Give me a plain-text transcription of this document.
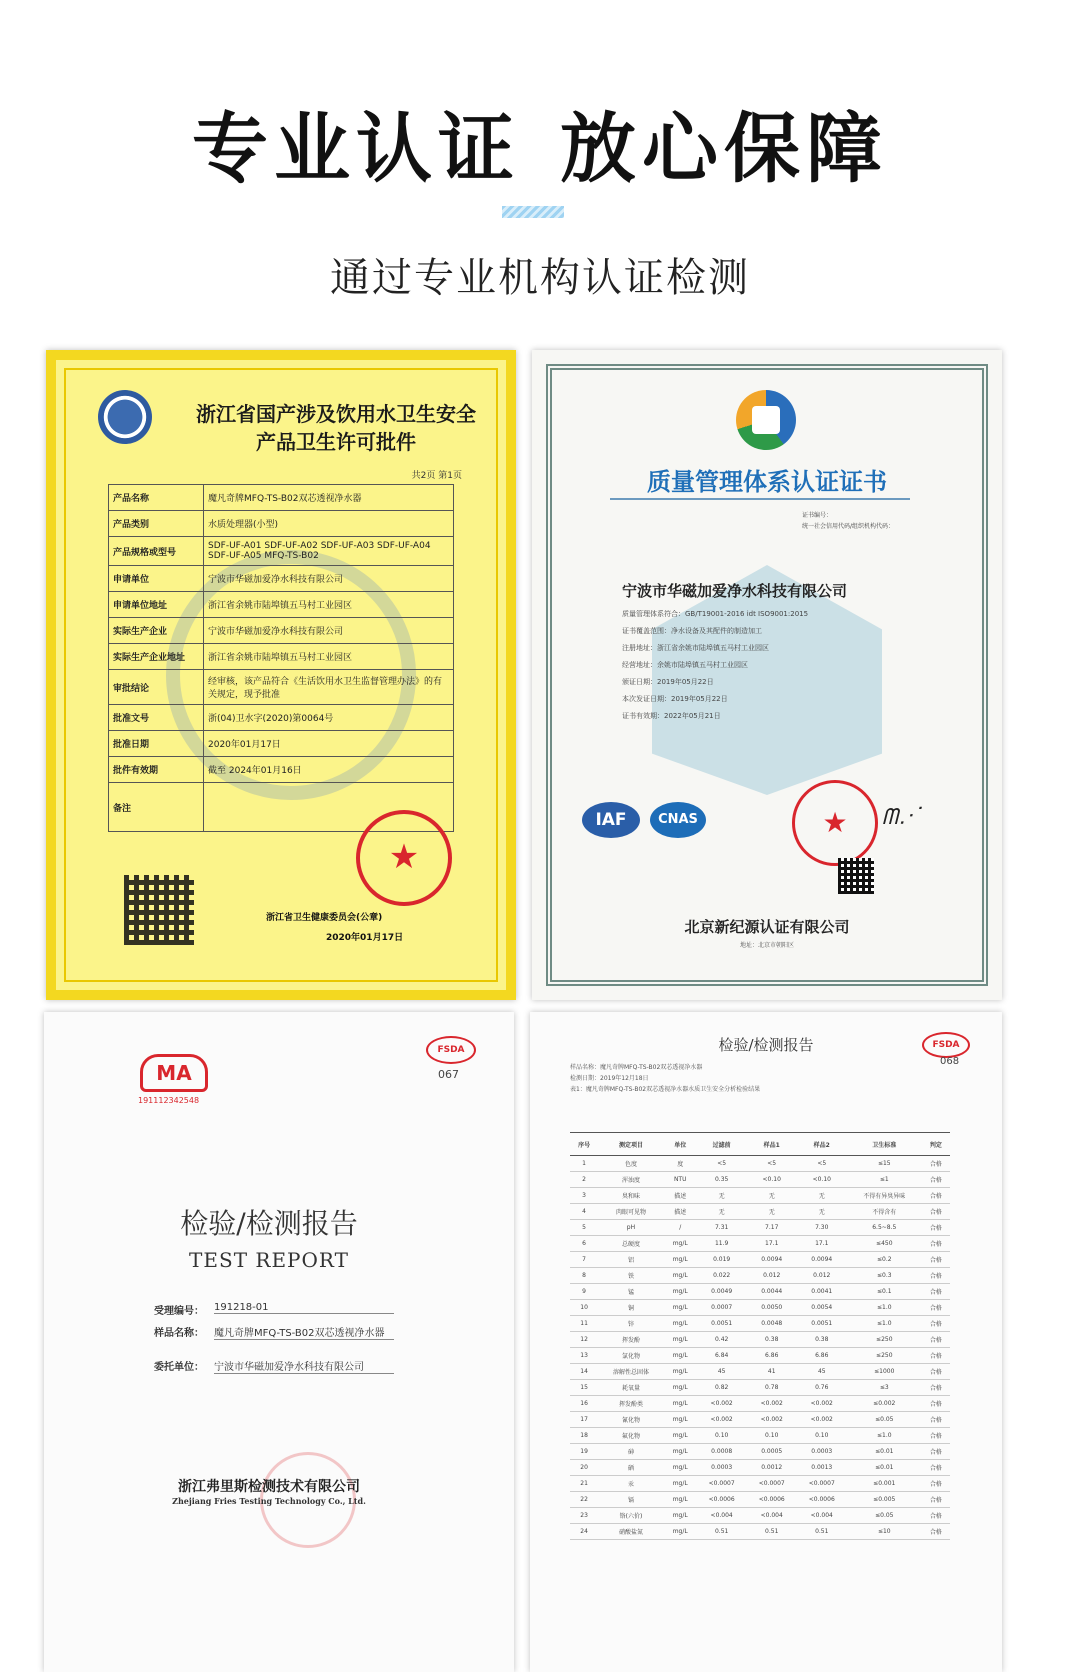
专业认证 放心保障
通过专业机构认证检测
浙江省国产涉及饮用水卫生安全
产品卫生许可批件
共2页 第1页
产品名称	魔凡奇牌MFQ-TS-B02双芯透视净水器
产品类别	水质处理器(小型)
产品规格或型号	SDF-UF-A01 SDF-UF-A02 SDF-UF-A03 SDF-UF-A04 SDF-UF-A05 MFQ-TS-B02
申请单位	宁波市华磁加爱净水科技有限公司
申请单位地址	浙江省余姚市陆埠镇五马村工业园区
实际生产企业	宁波市华磁加爱净水科技有限公司
实际生产企业地址	浙江省余姚市陆埠镇五马村工业园区
审批结论	经审核，该产品符合《生活饮用水卫生监督管理办法》的有关规定，现予批准
批准文号	浙(04)卫水字(2020)第0064号
批准日期	2020年01月17日
批件有效期	截至 2024年01月16日
备注	
★
浙江省卫生健康委员会(公章)
2020年01月17日
质量管理体系认证证书
证书编号：
统一社会信用代码/组织机构代码：
宁波市华磁加爱净水科技有限公司
质量管理体系符合：GB/T19001-2016 idt ISO9001:2015
证书覆盖范围：净水设备及其配件的制造加工
注册地址：浙江省余姚市陆埠镇五马村工业园区
经营地址：余姚市陆埠镇五马村工业园区
颁证日期：2019年05月22日
本次发证日期：2019年05月22日
证书有效期：2022年05月21日
IAF	CNAS	★	ᗰ⋰
北京新纪源认证有限公司
地址：北京市朝阳区
MA
191112342548
FSDA
067
检验/检测报告
TEST REPORT
受理编号： 191218-01
样品名称： 魔凡奇牌MFQ-TS-B02双芯透视净水器
委托单位： 宁波市华磁加爱净水科技有限公司
浙江弗里斯检测技术有限公司
Zhejiang Fries Testing Technology Co., Ltd.
检验/检测报告	FSDA
068
样品名称：魔凡奇牌MFQ-TS-B02双芯透视净水器
检测日期：2019年12月18日
表1：魔凡奇牌MFQ-TS-B02双芯透视净水器水质卫生安全分析检验结果
序号	测定项目	单位	过滤前	样品1	样品2	卫生标准	判定
1	色度	度	<5	<5	<5	≤15	合格
2	浑浊度	NTU	0.35	<0.10	<0.10	≤1	合格
3	臭和味	描述	无	无	无	不得有异臭异味	合格
4	肉眼可见物	描述	无	无	无	不得含有	合格
5	pH	/	7.31	7.17	7.30	6.5~8.5	合格
6	总硬度	mg/L	11.9	17.1	17.1	≤450	合格
7	铝	mg/L	0.019	0.0094	0.0094	≤0.2	合格
8	铁	mg/L	0.022	0.012	0.012	≤0.3	合格
9	锰	mg/L	0.0049	0.0044	0.0041	≤0.1	合格
10	铜	mg/L	0.0007	0.0050	0.0054	≤1.0	合格
11	锌	mg/L	0.0051	0.0048	0.0051	≤1.0	合格
12	挥发酚	mg/L	0.42	0.38	0.38	≤250	合格
13	氯化物	mg/L	6.84	6.86	6.86	≤250	合格
14	溶解性总固体	mg/L	45	41	45	≤1000	合格
15	耗氧量	mg/L	0.82	0.78	0.76	≤3	合格
16	挥发酚类	mg/L	<0.002	<0.002	<0.002	≤0.002	合格
17	氰化物	mg/L	<0.002	<0.002	<0.002	≤0.05	合格
18	氟化物	mg/L	0.10	0.10	0.10	≤1.0	合格
19	砷	mg/L	0.0008	0.0005	0.0003	≤0.01	合格
20	硒	mg/L	0.0003	0.0012	0.0013	≤0.01	合格
21	汞	mg/L	<0.0007	<0.0007	<0.0007	≤0.001	合格
22	镉	mg/L	<0.0006	<0.0006	<0.0006	≤0.005	合格
23	铬(六价)	mg/L	<0.004	<0.004	<0.004	≤0.05	合格
24	硝酸盐氮	mg/L	0.51	0.51	0.51	≤10	合格
